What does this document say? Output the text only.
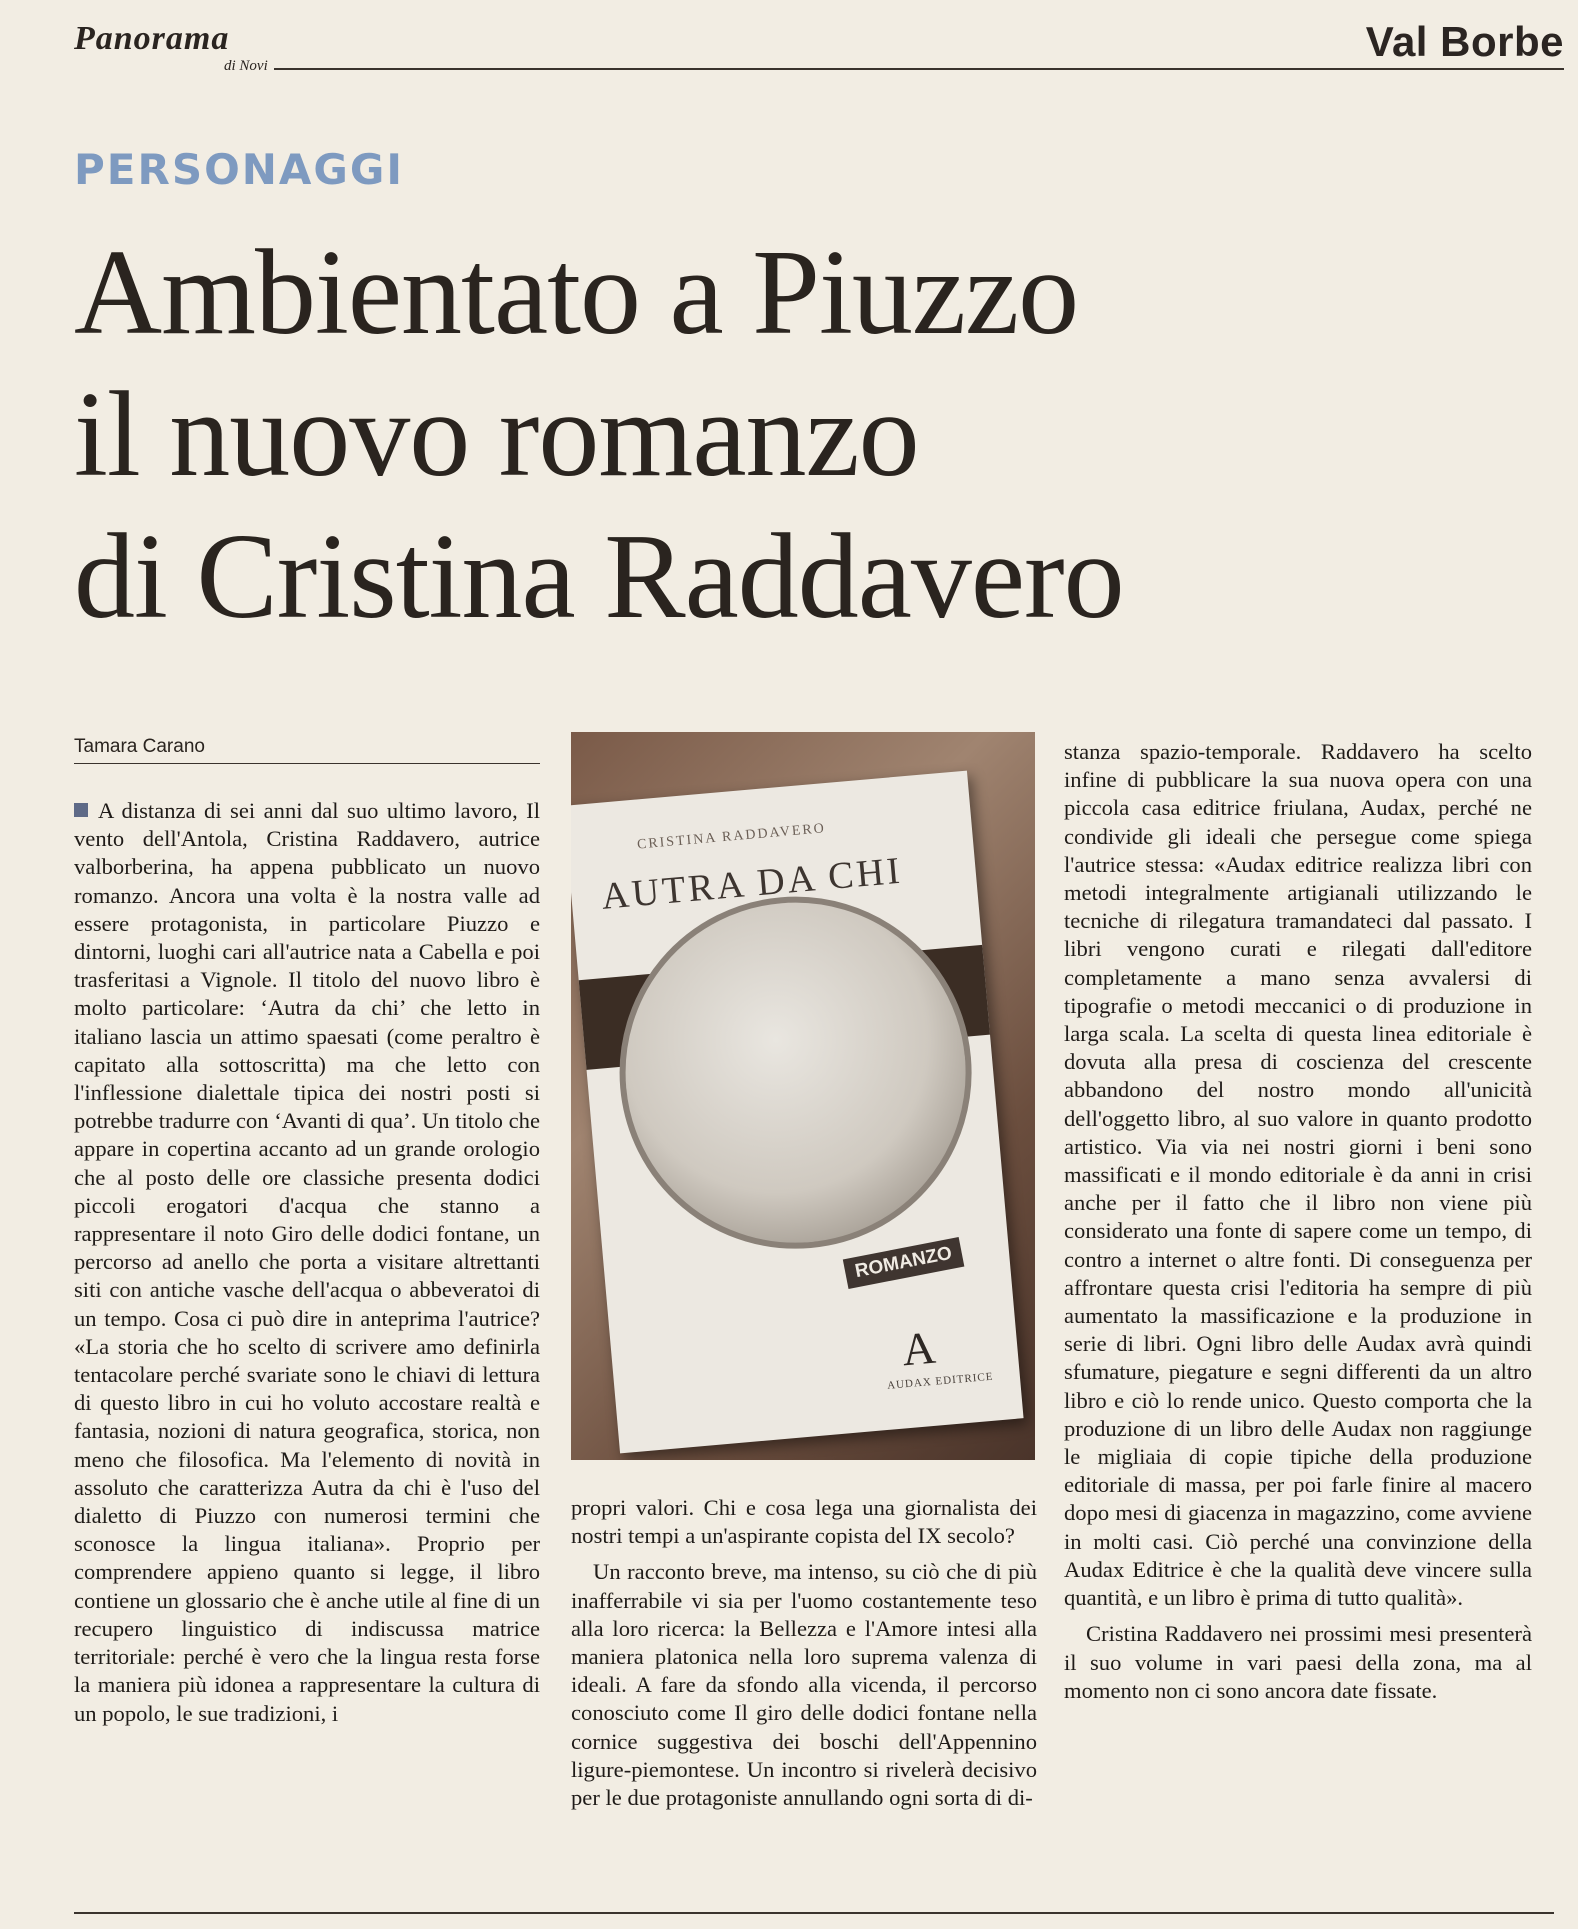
Panorama
di Novi
Val Borbe
PERSONAGGI
Ambientato a Piuzzo
il nuovo romanzo
di Cristina Raddavero
Tamara Carano

A distanza di sei anni dal suo ultimo lavoro, Il vento dell'Antola, Cristina Raddavero, autrice valborberina, ha appena pubblicato un nuovo romanzo. Ancora una volta è la nostra valle ad essere protagonista, in particolare Piuzzo e dintorni, luoghi cari all'autrice nata a Cabella e poi trasferitasi a Vignole. Il titolo del nuovo libro è molto particolare: ‘Autra da chi’ che letto in italiano lascia un attimo spaesati (come peraltro è capitato alla sottoscritta) ma che letto con l'inflessione dialettale tipica dei nostri posti si potrebbe tradurre con ‘Avanti di qua’. Un titolo che appare in copertina accanto ad un grande orologio che al posto delle ore classiche presenta dodici piccoli erogatori d'acqua che stanno a rappresentare il noto Giro delle dodici fontane, un percorso ad anello che porta a visitare altrettanti siti con antiche vasche dell'acqua o abbeveratoi di un tempo. Cosa ci può dire in anteprima l'autrice? «La storia che ho scelto di scrivere amo definirla tentacolare perché svariate sono le chiavi di lettura di questo libro in cui ho voluto accostare realtà e fantasia, nozioni di natura geografica, storica, non meno che filosofica. Ma l'elemento di novità in assoluto che caratterizza Autra da chi è l'uso del dialetto di Piuzzo con numerosi termini che sconosce la lingua italiana». Proprio per comprendere appieno quanto si legge, il libro contiene un glossario che è anche utile al fine di un recupero linguistico di indiscussa matrice territoriale: perché è vero che la lingua resta forse la maniera più idonea a rappresentare la cultura di un popolo, le sue tradizioni, i

CRISTINA RADDAVERO
AUTRA DA CHI
ROMANZO
A
AUDAX EDITRICE

propri valori. Chi e cosa lega una giornalista dei nostri tempi a un'aspirante copista del IX secolo?

Un racconto breve, ma intenso, su ciò che di più inafferrabile vi sia per l'uomo costantemente teso alla loro ricerca: la Bellezza e l'Amore intesi alla maniera platonica nella loro suprema valenza di ideali. A fare da sfondo alla vicenda, il percorso conosciuto come Il giro delle dodici fontane nella cornice suggestiva dei boschi dell'Appennino ligure-piemontese. Un incontro si rivelerà decisivo per le due protagoniste annullando ogni sorta di di-

stanza spazio-temporale. Raddavero ha scelto infine di pubblicare la sua nuova opera con una piccola casa editrice friulana, Audax, perché ne condivide gli ideali che persegue come spiega l'autrice stessa: «Audax editrice realizza libri con metodi integralmente artigianali utilizzando le tecniche di rilegatura tramandateci dal passato. I libri vengono curati e rilegati dall'editore completamente a mano senza avvalersi di tipografie o metodi meccanici o di produzione in larga scala. La scelta di questa linea editoriale è dovuta alla presa di coscienza del crescente abbandono del nostro mondo all'unicità dell'oggetto libro, al suo valore in quanto prodotto artistico. Via via nei nostri giorni i beni sono massificati e il mondo editoriale è da anni in crisi anche per il fatto che il libro non viene più considerato una fonte di sapere come un tempo, di contro a internet o altre fonti. Di conseguenza per affrontare questa crisi l'editoria ha sempre di più aumentato la massificazione e la produzione in serie di libri. Ogni libro delle Audax avrà quindi sfumature, piegature e segni differenti da un altro libro e ciò lo rende unico. Questo comporta che la produzione di un libro delle Audax non raggiunge le migliaia di copie tipiche della produzione editoriale di massa, per poi farle finire al macero dopo mesi di giacenza in magazzino, come avviene in molti casi. Ciò perché una convinzione della Audax Editrice è che la qualità deve vincere sulla quantità, e un libro è prima di tutto qualità».

Cristina Raddavero nei prossimi mesi presenterà il suo volume in vari paesi della zona, ma al momento non ci sono ancora date fissate.
